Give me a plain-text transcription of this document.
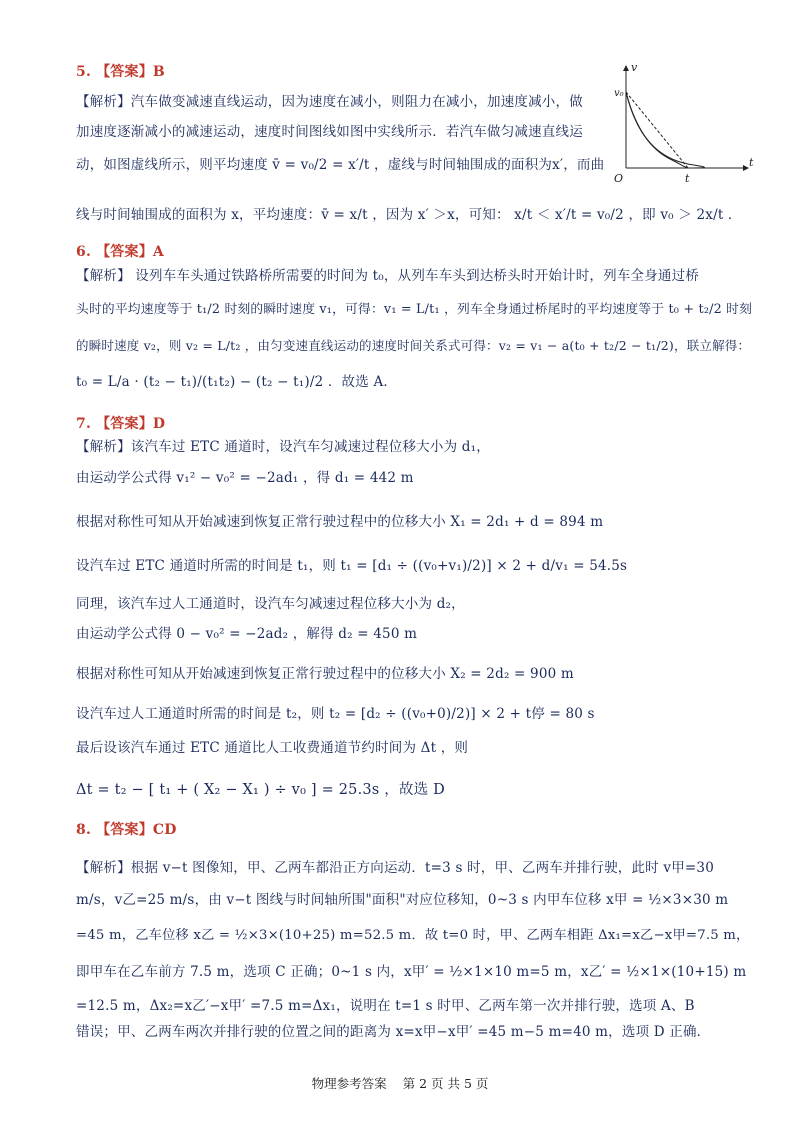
5. 【答案】B
【解析】汽车做变减速直线运动，因为速度在减小，则阻力在减小，加速度减小，做
加速度逐渐减小的减速运动，速度时间图线如图中实线所示．若汽车做匀减速直线运
动，如图虚线所示，则平均速度 v̄ = v₀/2 = x′/t ，虚线与时间轴围成的面积为x′，而曲
线与时间轴围成的面积为 x，平均速度：v̄ = x/t ，因为 x′ ＞x，可知： x/t ＜ x′/t = v₀/2 ，即 v₀ ＞ 2x/t ．
v
t
O
v₀
t
6. 【答案】A
【解析】 设列车车头通过铁路桥所需要的时间为 t₀，从列车车头到达桥头时开始计时，列车全身通过桥
头时的平均速度等于 t₁/2 时刻的瞬时速度 v₁，可得：v₁ = L/t₁ ，列车全身通过桥尾时的平均速度等于 t₀ + t₂/2 时刻
的瞬时速度 v₂，则 v₂ = L/t₂ ，由匀变速直线运动的速度时间关系式可得：v₂ = v₁ − a(t₀ + t₂/2 − t₁/2)，联立解得：
t₀ = L/a · (t₂ − t₁)/(t₁t₂) − (t₂ − t₁)/2 ．故选 A．
7. 【答案】D
【解析】该汽车过 ETC 通道时，设汽车匀减速过程位移大小为 d₁，
由运动学公式得 v₁² − v₀² = −2ad₁ ，得 d₁ = 442 m
根据对称性可知从开始减速到恢复正常行驶过程中的位移大小 X₁ = 2d₁ + d = 894 m
设汽车过 ETC 通道时所需的时间是 t₁，则 t₁ = [d₁ ÷ ((v₀+v₁)/2)] × 2 + d/v₁ = 54.5s
同理，该汽车过人工通道时，设汽车匀减速过程位移大小为 d₂，
由运动学公式得 0 − v₀² = −2ad₂ ，解得 d₂ = 450 m
根据对称性可知从开始减速到恢复正常行驶过程中的位移大小 X₂ = 2d₂ = 900 m
设汽车过人工通道时所需的时间是 t₂，则 t₂ = [d₂ ÷ ((v₀+0)/2)] × 2 + t停 = 80 s
最后设该汽车通过 ETC 通道比人工收费通道节约时间为 Δt ，则
Δt = t₂ − [ t₁ + ( X₂ − X₁ ) ÷ v₀ ] = 25.3s ，故选 D
8. 【答案】CD
【解析】根据 v−t 图像知，甲、乙两车都沿正方向运动．t=3 s 时，甲、乙两车并排行驶，此时 v甲=30
m/s，v乙=25 m/s，由 v−t 图线与时间轴所围"面积"对应位移知，0~3 s 内甲车位移 x甲 = ½×3×30 m
=45 m，乙车位移 x乙 = ½×3×(10+25) m=52.5 m．故 t=0 时，甲、乙两车相距 Δx₁=x乙−x甲=7.5 m，
即甲车在乙车前方 7.5 m，选项 C 正确；0~1 s 内，x甲′ = ½×1×10 m=5 m，x乙′ = ½×1×(10+15) m
=12.5 m，Δx₂=x乙′−x甲′ =7.5 m=Δx₁，说明在 t=1 s 时甲、乙两车第一次并排行驶，选项 A、B
错误；甲、乙两车两次并排行驶的位置之间的距离为 x=x甲−x甲′ =45 m−5 m=40 m，选项 D 正确．
物理参考答案 第 2 页 共 5 页
